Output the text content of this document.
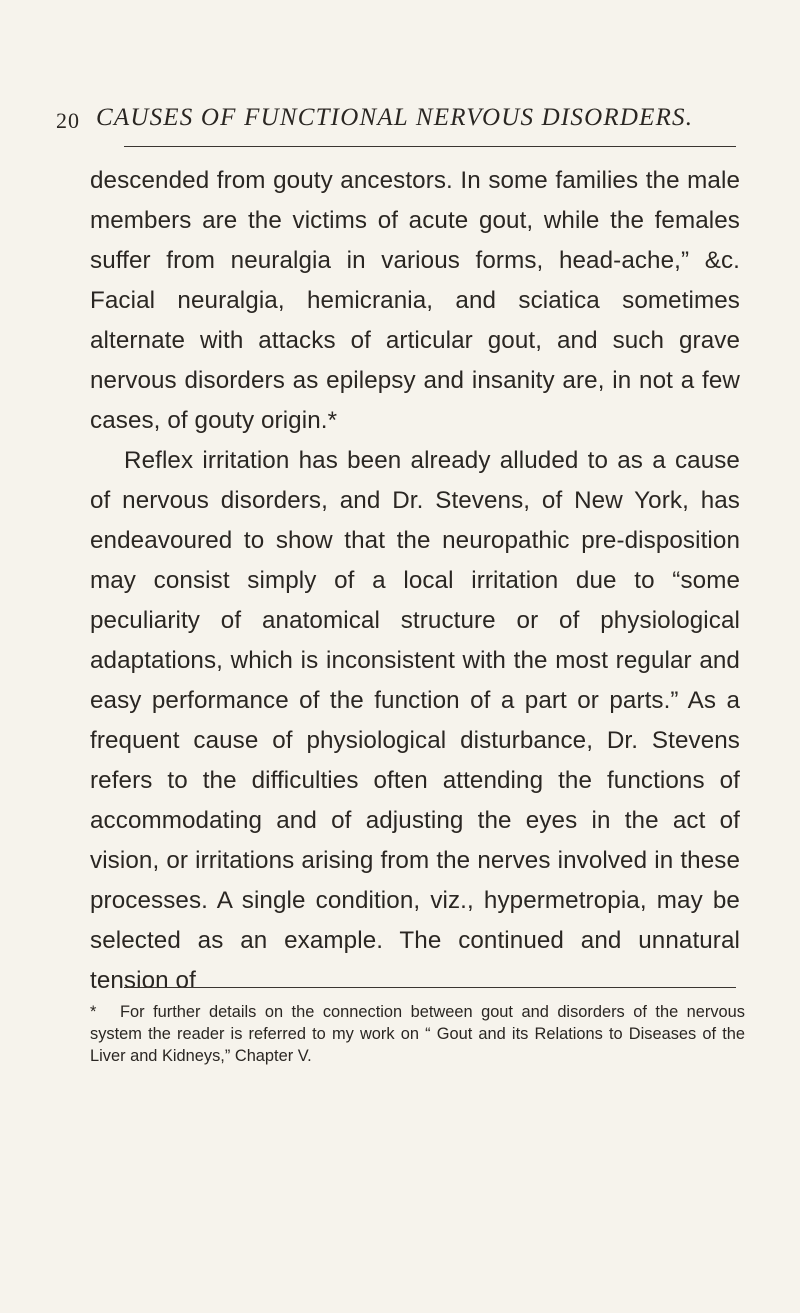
20 CAUSES OF FUNCTIONAL NERVOUS DISORDERS.

descended from gouty ancestors. In some families the male members are the victims of acute gout, while the females suffer from neuralgia in various forms, head-ache,” &c. Facial neuralgia, hemicrania, and sciatica sometimes alternate with attacks of articular gout, and such grave nervous disorders as epilepsy and insanity are, in not a few cases, of gouty origin.*

Reflex irritation has been already alluded to as a cause of nervous disorders, and Dr. Stevens, of New York, has endeavoured to show that the neuropathic pre-disposition may consist simply of a local irritation due to “some peculiarity of anatomical structure or of physiological adaptations, which is inconsistent with the most regular and easy performance of the function of a part or parts.” As a frequent cause of physiological disturbance, Dr. Stevens refers to the difficulties often attending the functions of accommodating and of adjusting the eyes in the act of vision, or irritations arising from the nerves involved in these processes. A single condition, viz., hypermetropia, may be selected as an example. The continued and unnatural tension of

* For further details on the connection between gout and disorders of the nervous system the reader is referred to my work on “ Gout and its Relations to Diseases of the Liver and Kidneys,” Chapter V.
